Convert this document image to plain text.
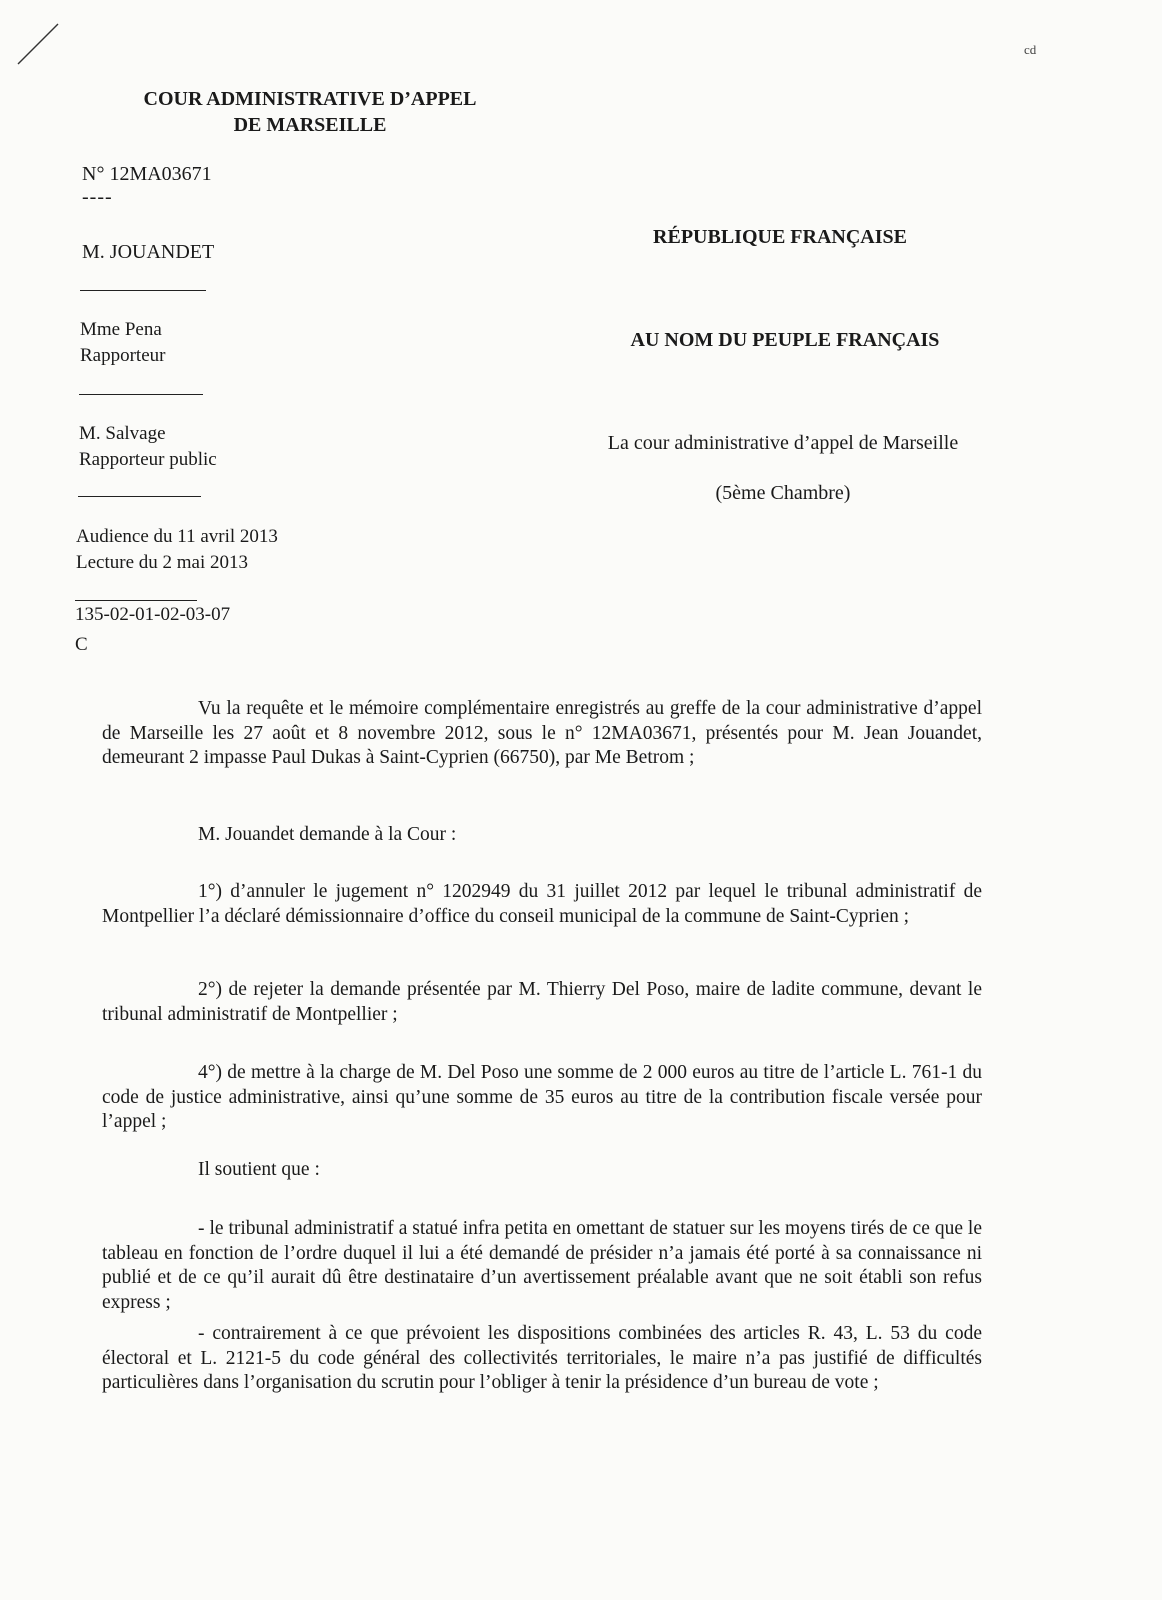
cd
COUR ADMINISTRATIVE D’APPEL
DE MARSEILLE
N° 12MA03671
----
M. JOUANDET
Mme Pena
Rapporteur
M. Salvage
Rapporteur public
Audience du 11 avril 2013
Lecture du 2 mai 2013
135-02-01-02-03-07
C
RÉPUBLIQUE FRANÇAISE
AU NOM DU PEUPLE FRANÇAIS
La cour administrative d’appel de Marseille
(5ème Chambre)

Vu la requête et le mémoire complémentaire enregistrés au greffe de la cour administrative d’appel de Marseille les 27 août et 8 novembre 2012, sous le n° 12MA03671, présentés pour M. Jean Jouandet, demeurant 2 impasse Paul Dukas à Saint-Cyprien (66750), par Me Betrom ;

M. Jouandet demande à la Cour :

1°) d’annuler le jugement n° 1202949 du 31 juillet 2012 par lequel le tribunal administratif de Montpellier l’a déclaré démissionnaire d’office du conseil municipal de la commune de Saint-Cyprien ;

2°) de rejeter la demande présentée par M. Thierry Del Poso, maire de ladite commune, devant le tribunal administratif de Montpellier ;

4°) de mettre à la charge de M. Del Poso une somme de 2 000 euros au titre de l’article L. 761-1 du code de justice administrative, ainsi qu’une somme de 35 euros au titre de la contribution fiscale versée pour l’appel ;

Il soutient que :

- le tribunal administratif a statué infra petita en omettant de statuer sur les moyens tirés de ce que le tableau en fonction de l’ordre duquel il lui a été demandé de présider n’a jamais été porté à sa connaissance ni publié et de ce qu’il aurait dû être destinataire d’un avertissement préalable avant que ne soit établi son refus express ;

- contrairement à ce que prévoient les dispositions combinées des articles R. 43, L. 53 du code électoral et L. 2121-5 du code général des collectivités territoriales, le maire n’a pas justifié de difficultés particulières dans l’organisation du scrutin pour l’obliger à tenir la présidence d’un bureau de vote ;
